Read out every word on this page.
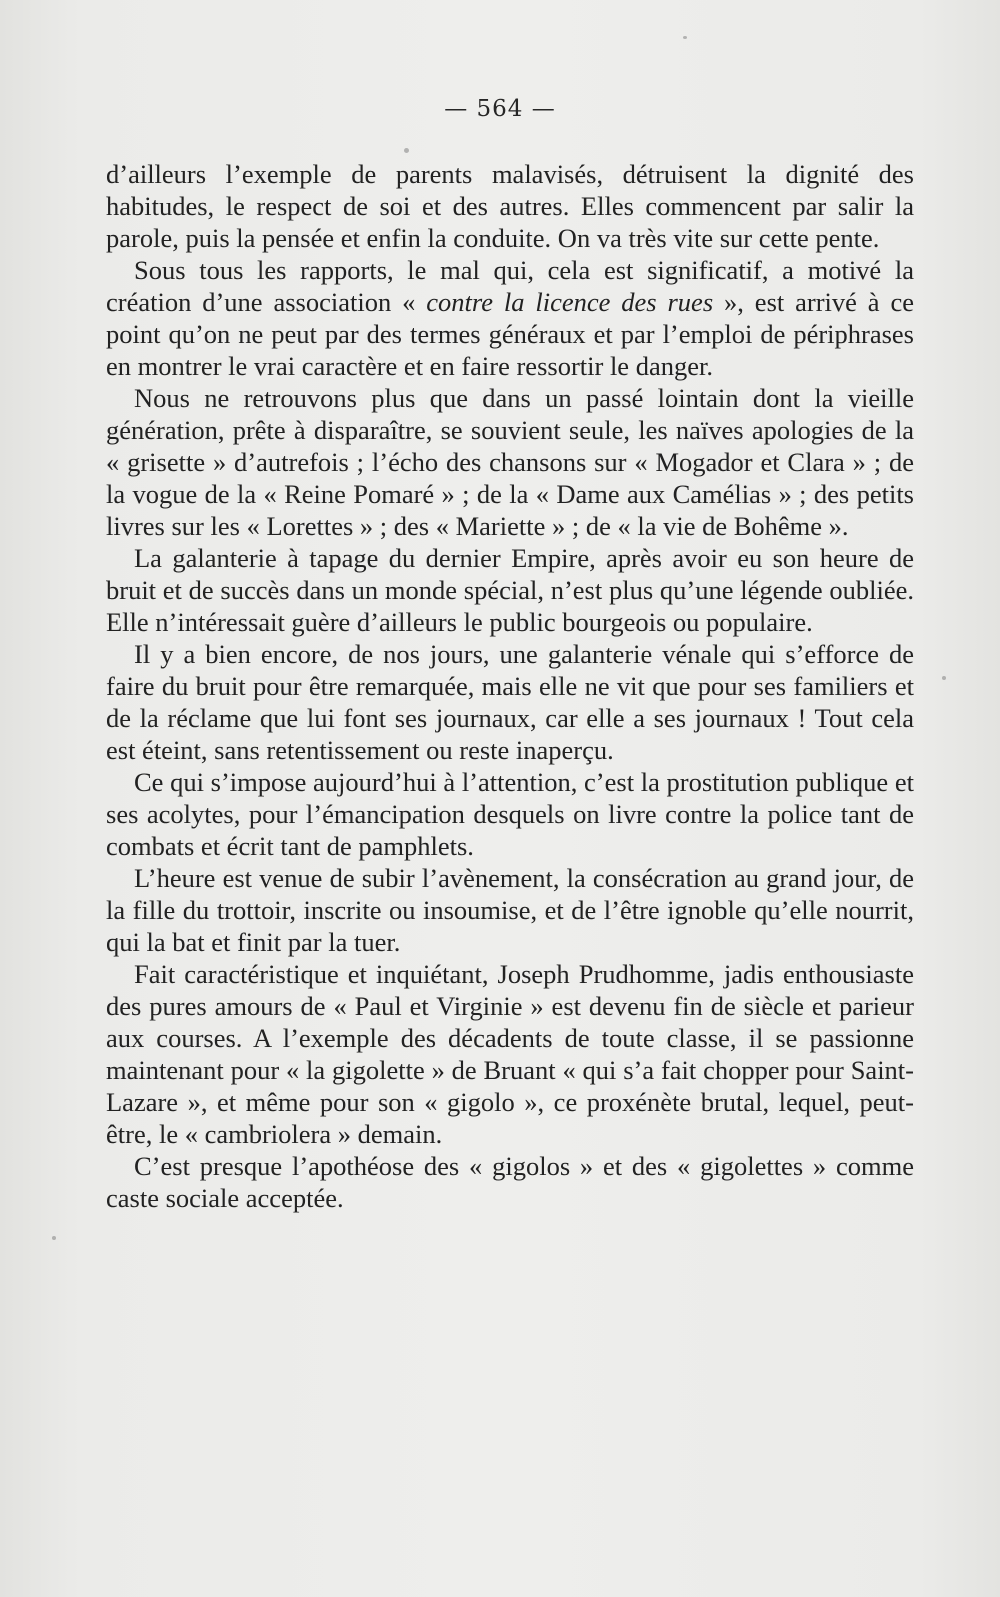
— 564 —

d’ailleurs l’exemple de parents malavisés, détruisent la dignité des habitudes, le respect de soi et des autres. Elles commencent par salir la parole, puis la pensée et enfin la conduite. On va très vite sur cette pente.

Sous tous les rapports, le mal qui, cela est significatif, a motivé la création d’une association « contre la licence des rues », est arrivé à ce point qu’on ne peut par des termes généraux et par l’emploi de périphrases en montrer le vrai caractère et en faire ressortir le danger.

Nous ne retrouvons plus que dans un passé lointain dont la vieille génération, prête à disparaître, se souvient seule, les naïves apologies de la « grisette » d’autrefois ; l’écho des chansons sur « Mogador et Clara » ; de la vogue de la « Reine Pomaré » ; de la « Dame aux Camélias » ; des petits livres sur les « Lorettes » ; des « Mariette » ; de « la vie de Bohême ».

La galanterie à tapage du dernier Empire, après avoir eu son heure de bruit et de succès dans un monde spécial, n’est plus qu’une légende oubliée. Elle n’intéressait guère d’ailleurs le public bourgeois ou populaire.

Il y a bien encore, de nos jours, une galanterie vénale qui s’efforce de faire du bruit pour être remarquée, mais elle ne vit que pour ses familiers et de la réclame que lui font ses journaux, car elle a ses journaux ! Tout cela est éteint, sans retentissement ou reste inaperçu.

Ce qui s’impose aujourd’hui à l’attention, c’est la prostitution publique et ses acolytes, pour l’émancipation desquels on livre contre la police tant de combats et écrit tant de pamphlets.

L’heure est venue de subir l’avènement, la consécration au grand jour, de la fille du trottoir, inscrite ou insoumise, et de l’être ignoble qu’elle nourrit, qui la bat et finit par la tuer.

Fait caractéristique et inquiétant, Joseph Prudhomme, jadis enthousiaste des pures amours de « Paul et Virginie » est devenu fin de siècle et parieur aux courses. A l’exemple des décadents de toute classe, il se passionne maintenant pour « la gigolette » de Bruant « qui s’a fait chopper pour Saint-Lazare », et même pour son « gigolo », ce proxénète brutal, lequel, peut-être, le « cambriolera » demain.

C’est presque l’apothéose des « gigolos » et des « gigolettes » comme caste sociale acceptée.
